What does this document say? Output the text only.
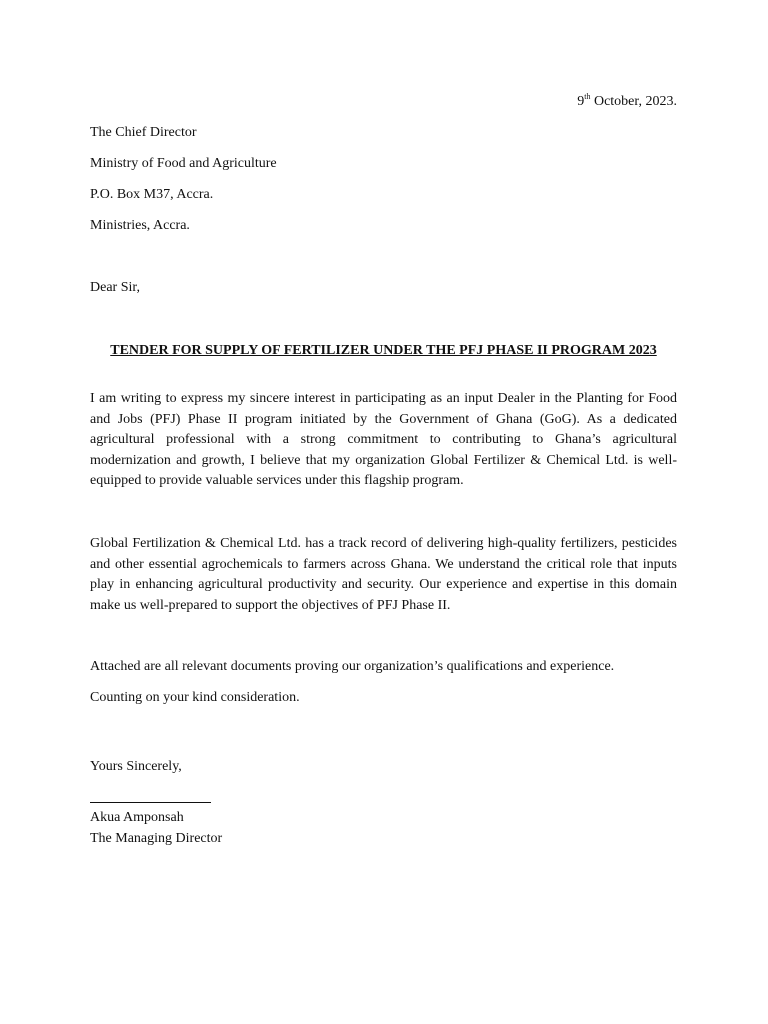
9th October, 2023.
The Chief Director
Ministry of Food and Agriculture
P.O. Box M37, Accra.
Ministries, Accra.
Dear Sir,
TENDER FOR SUPPLY OF FERTILIZER UNDER THE PFJ PHASE II PROGRAM 2023
I am writing to express my sincere interest in participating as an input Dealer in the Planting for Food and Jobs (PFJ) Phase II program initiated by the Government of Ghana (GoG). As a dedicated agricultural professional with a strong commitment to contributing to Ghana’s agricultural modernization and growth, I believe that my organization Global Fertilizer & Chemical Ltd. is well-equipped to provide valuable services under this flagship program.
Global Fertilization & Chemical Ltd. has a track record of delivering high-quality fertilizers, pesticides and other essential agrochemicals to farmers across Ghana. We understand the critical role that inputs play in enhancing agricultural productivity and security. Our experience and expertise in this domain make us well-prepared to support the objectives of PFJ Phase II.
Attached are all relevant documents proving our organization’s qualifications and experience.
Counting on your kind consideration.
Yours Sincerely,
Akua Amponsah
The Managing Director
